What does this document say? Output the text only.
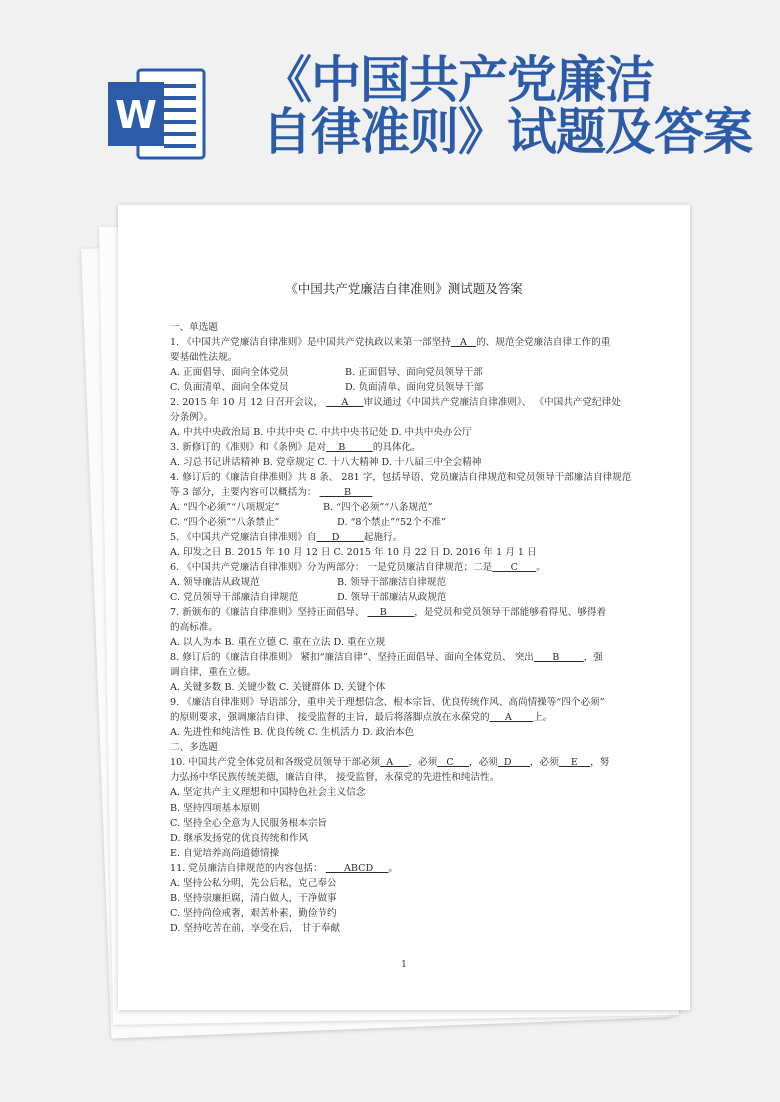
W
《中国共产党廉洁
自律准则》试题及答案
《中国共产党廉洁自律准则》测试题及答案
一、单选题
1. 《中国共产党廉洁自律准则》是中国共产党执政以来第一部坚持   A   的、规范全党廉洁自律工作的重
要基础性法规。
A. 正面倡导、面向全体党员	B. 正面倡导、面向党员领导干部
C. 负面清单、面向全体党员	D. 负面清单、面向党员领导干部
2. 2015 年 10 月 12 日召开会议，      A     审议通过《中国共产党廉洁自律准则》、 《中国共产党纪律处
分条例》。
A. 中共中央政治局 B. 中共中央 C. 中共中央书记处 D. 中共中央办公厅
3. 新修订的《准则》和《条例》是对    B         的具体化。
A. 习总书记讲话精神 B. 党章规定 C. 十八大精神 D. 十八届三中全会精神
4. 修订后的《廉洁自律准则》共 8 条、 281 字，包括导语、党员廉洁自律规范和党员领导干部廉洁自律规范
等 3 部分，主要内容可以概括为：         B
A. “四个必须”“八项规定”	B. “四个必须”“八条规范”
C. “四个必须”“八条禁止”	D. “8个禁止”“52个不准”
5. 《中国共产党廉洁自律准则》自     D        起施行。
A. 印发之日 B. 2015 年 10 月 12 日 C. 2015 年 10 月 22 日 D. 2016 年 1 月 1 日
6. 《中国共产党廉洁自律准则》分为两部分： 一是党员廉洁自律规范；二是      C      。
A. 领导廉洁从政规范	B. 领导干部廉洁自律规范
C. 党员领导干部廉洁自律规范	D. 领导干部廉洁从政规范
7. 新颁布的《廉洁自律准则》坚持正面倡导、     B         ，是党员和党员领导干部能够看得见、够得着
的高标准。
A. 以人为本 B. 重在立德 C. 重在立法 D. 重在立规
8. 修订后的《廉洁自律准则》 紧扣“廉洁自律”、坚持正面倡导、面向全体党员、 突出      B        ，强
调自律，重在立德。
A. 关键多数 B. 关键少数 C. 关键群体 D. 关键个体
9. 《廉洁自律准则》导语部分，重申关于理想信念、根本宗旨、优良传统作风、高尚情操等“四个必须”
的原则要求，强调廉洁自律、 接受监督的主旨，最后将落脚点放在永葆党的     A       上。
A. 先进性和纯洁性 B. 优良传统 C. 生机活力 D. 政治本色
二、多选题
10. 中国共产党全体党员和各级党员领导干部必须  A     ，必须   C     ，必须  D      ，必须    E    ，努
力弘扬中华民族传统美德，廉洁自律， 接受监督，永葆党的先进性和纯洁性。
A. 坚定共产主义理想和中国特色社会主义信念
B. 坚持四项基本原则
C. 坚持全心全意为人民服务根本宗旨
D. 继承发扬党的优良传统和作风
E. 自觉培养高尚道德情操
11. 党员廉洁自律规范的内容包括：       ABCD     。
A. 坚持公私分明，先公后私，克己奉公
B. 坚持崇廉拒腐，清白做人，干净做事
C. 坚持尚俭戒奢，艰苦朴素，勤俭节约
D. 坚持吃苦在前，享受在后， 甘于奉献
1
